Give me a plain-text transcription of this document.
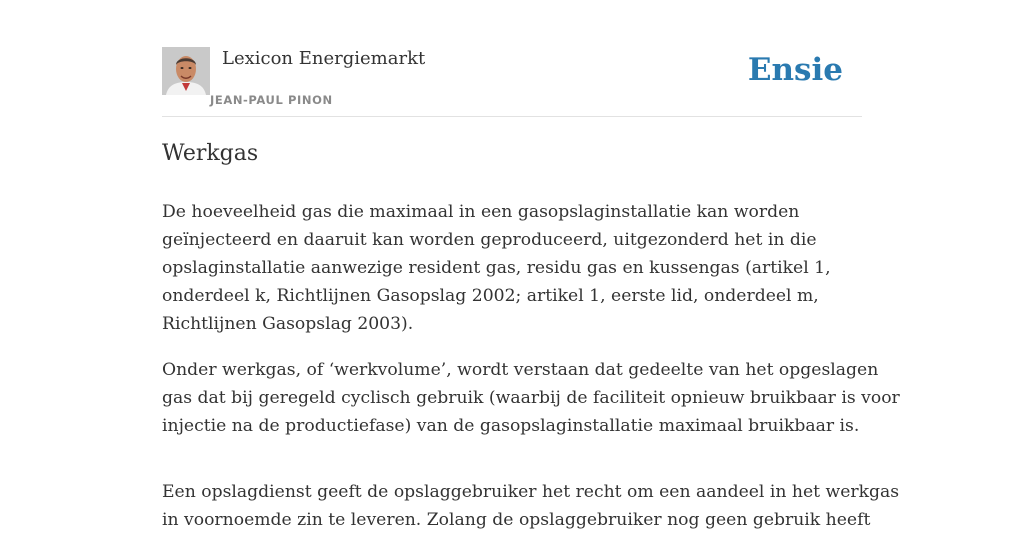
Lexicon Energiemarkt
JEAN-PAUL PINON
Ensie
Werkgas

De hoeveelheid gas die maximaal in een gasopslaginstallatie kan worden
geïnjecteerd en daaruit kan worden geproduceerd, uitgezonderd het in die
opslaginstallatie aanwezige resident gas, residu gas en kussengas (artikel 1,
onderdeel k, Richtlijnen Gasopslag 2002; artikel 1, eerste lid, onderdeel m,
Richtlijnen Gasopslag 2003).

Onder werkgas, of ‘werkvolume’, wordt verstaan dat gedeelte van het opgeslagen
gas dat bij geregeld cyclisch gebruik (waarbij de faciliteit opnieuw bruikbaar is voor
injectie na de productiefase) van de gasopslaginstallatie maximaal bruikbaar is.

Een opslagdienst geeft de opslaggebruiker het recht om een aandeel in het werkgas
in voornoemde zin te leveren. Zolang de opslaggebruiker nog geen gebruik heeft
